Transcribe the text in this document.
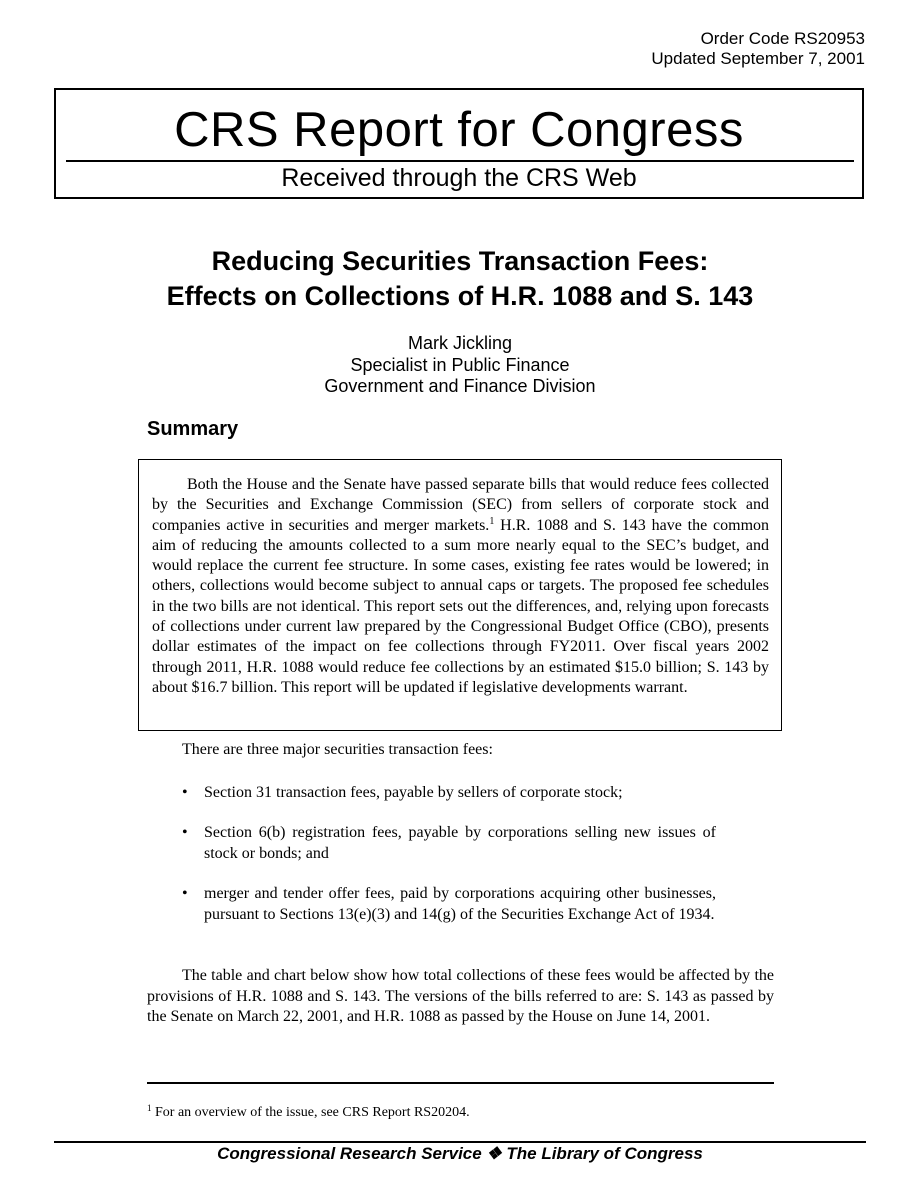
Order Code RS20953
Updated September 7, 2001
CRS Report for Congress
Received through the CRS Web
Reducing Securities Transaction Fees:
Effects on Collections of H.R. 1088 and S. 143
Mark Jickling
Specialist in Public Finance
Government and Finance Division
Summary

Both the House and the Senate have passed separate bills that would reduce fees collected by the Securities and Exchange Commission (SEC) from sellers of corporate stock and companies active in securities and merger markets.$^1$ H.R. 1088 and S. 143 have the common aim of reducing the amounts collected to a sum more nearly equal to the SEC’s budget, and would replace the current fee structure. In some cases, existing fee rates would be lowered; in others, collections would become subject to annual caps or targets. The proposed fee schedules in the two bills are not identical. This report sets out the differences, and, relying upon forecasts of collections under current law prepared by the Congressional Budget Office (CBO), presents dollar estimates of the impact on fee collections through FY2011. Over fiscal years 2002 through 2011, H.R. 1088 would reduce fee collections by an estimated $15.0 billion; S. 143 by about $16.7 billion. This report will be updated if legislative developments warrant.

There are three major securities transaction fees:

•	Section 31 transaction fees, payable by sellers of corporate stock;
•	Section 6(b) registration fees, payable by corporations selling new issues of stock or bonds; and
•	merger and tender offer fees, paid by corporations acquiring other businesses, pursuant to Sections 13(e)(3) and 14(g) of the Securities Exchange Act of 1934.

The table and chart below show how total collections of these fees would be affected by the provisions of H.R. 1088 and S. 143. The versions of the bills referred to are: S. 143 as passed by the Senate on March 22, 2001, and H.R. 1088 as passed by the House on June 14, 2001.

$^1$ For an overview of the issue, see CRS Report RS20204.
Congressional Research Service ❖ The Library of Congress
